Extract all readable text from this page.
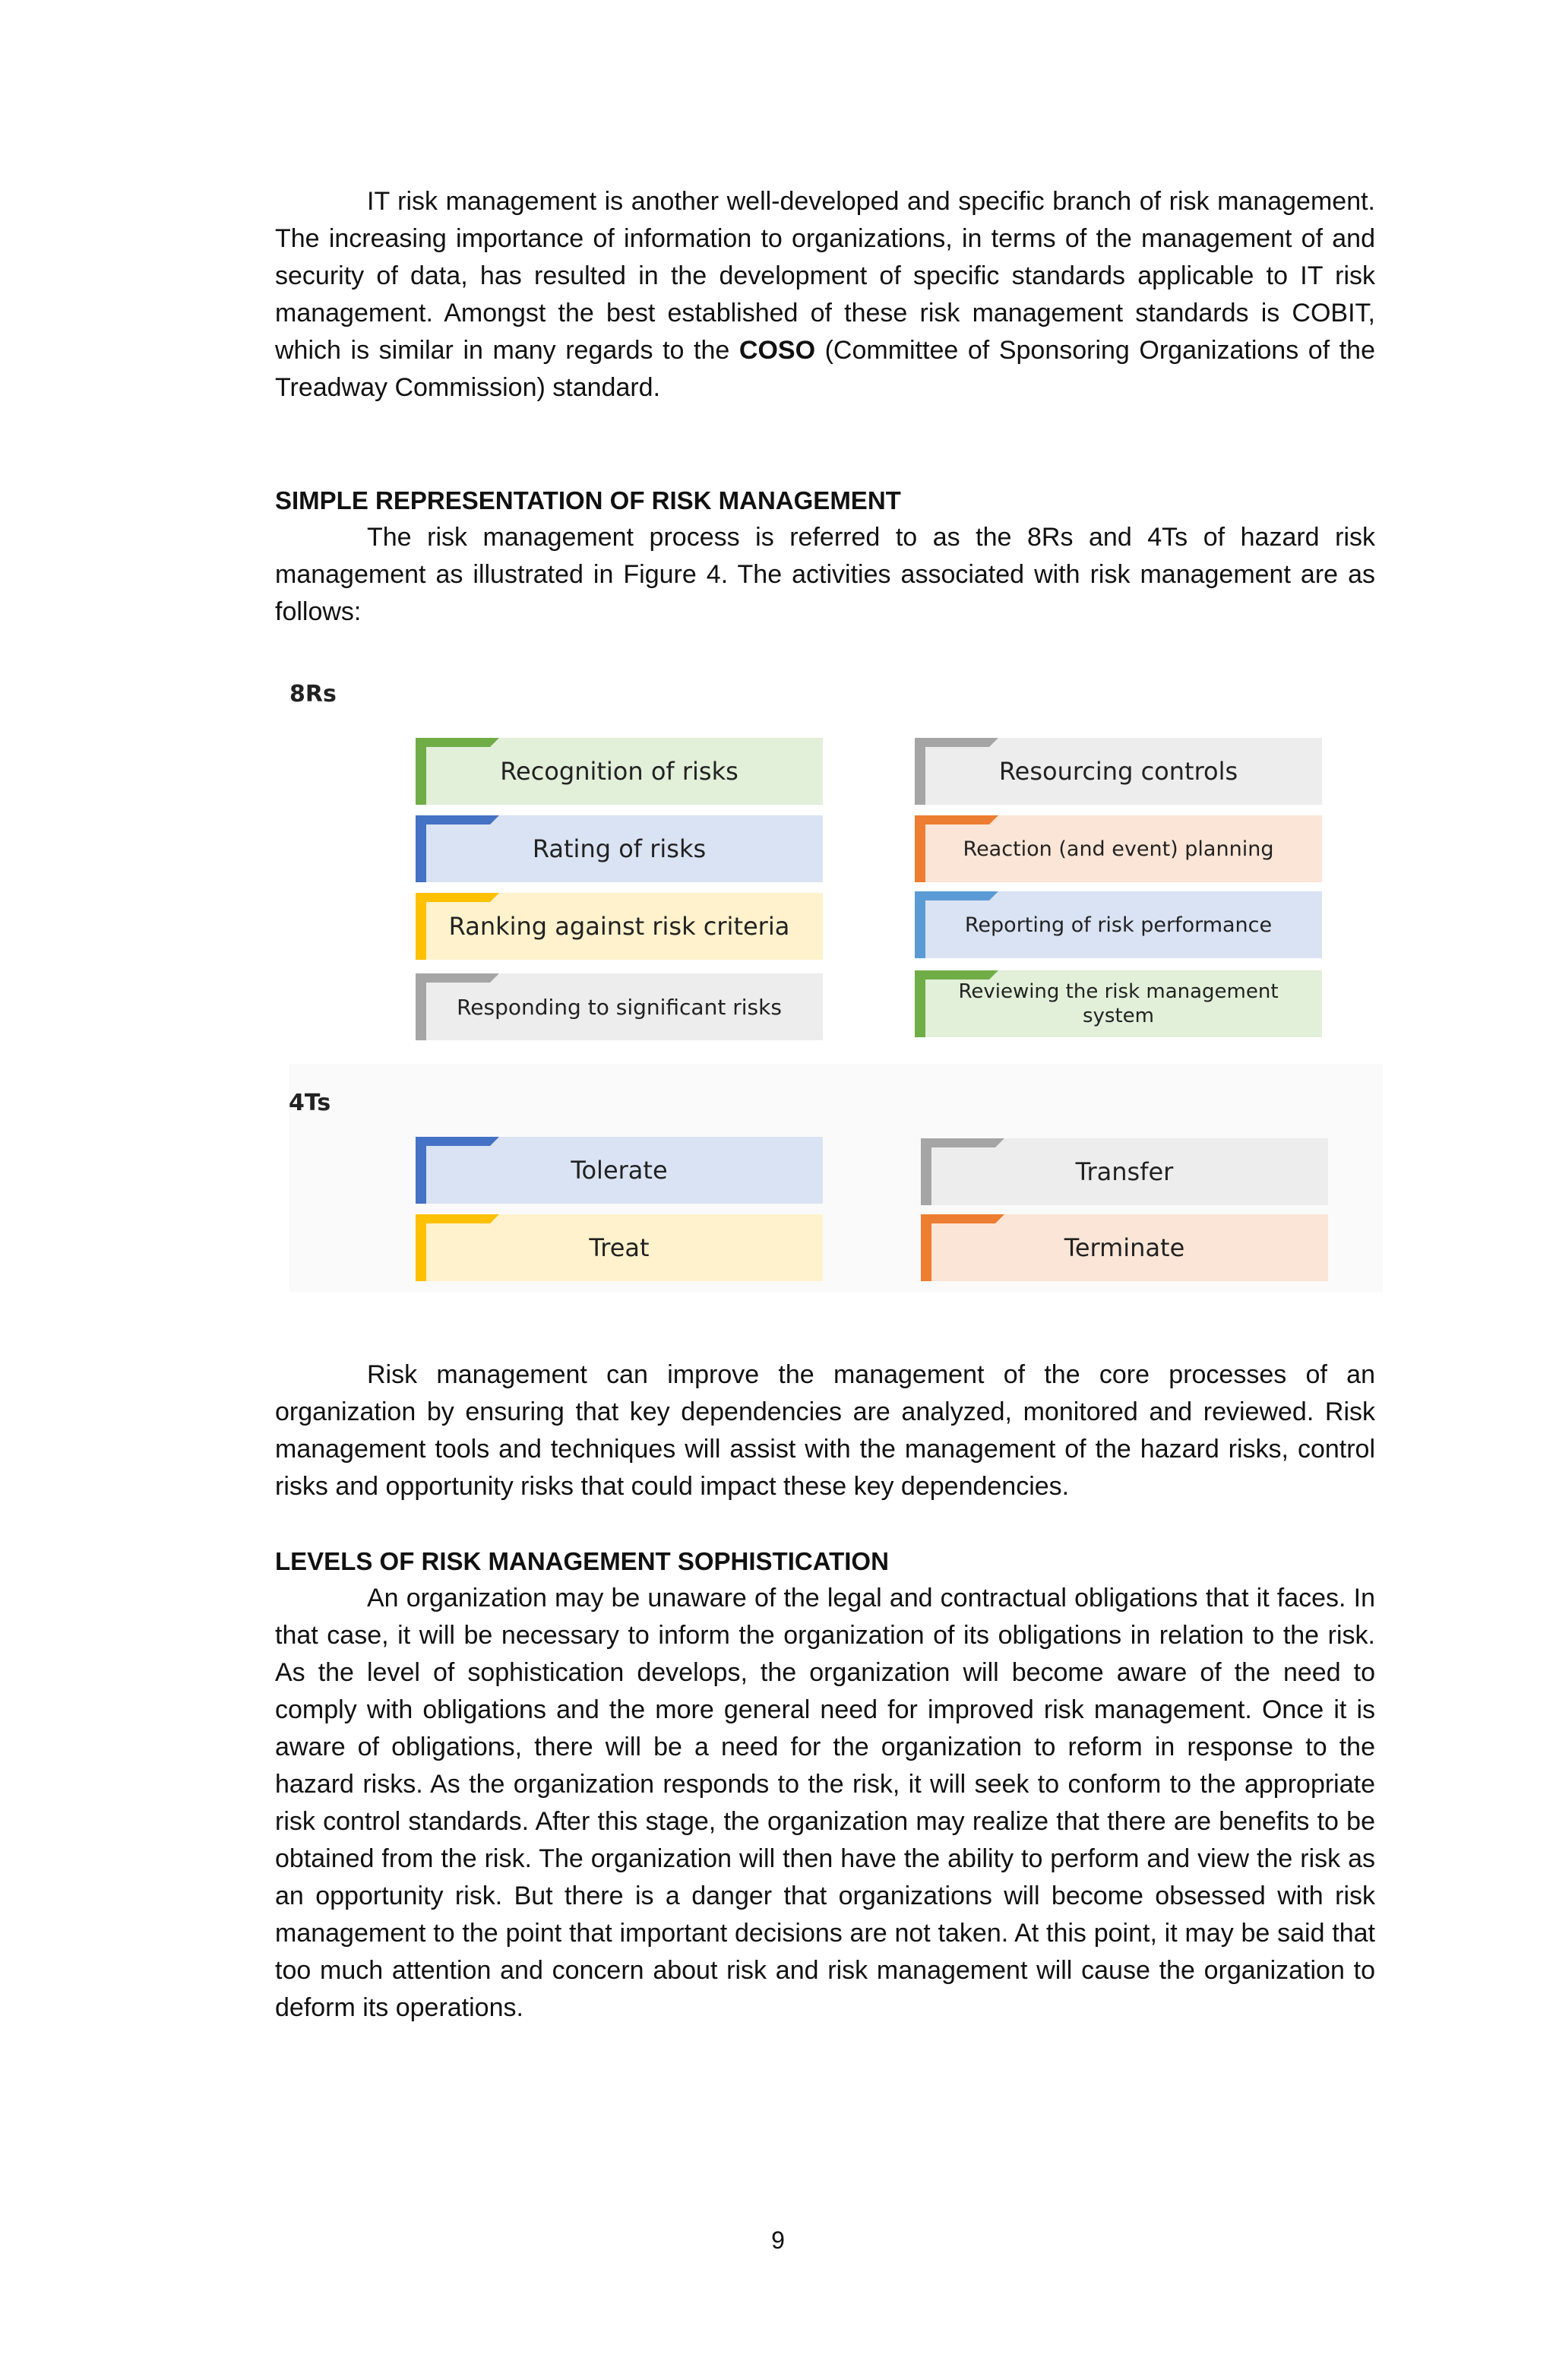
IT risk management is another well-developed and specific branch of risk management. The increasing importance of information to organizations, in terms of the management of and security of data, has resulted in the development of specific standards applicable to IT risk management. Amongst the best established of these risk management standards is COBIT, which is similar in many regards to the COSO (Committee of Sponsoring Organizations of the Treadway Commission) standard.

SIMPLE REPRESENTATION OF RISK MANAGEMENT

The risk management process is referred to as the 8Rs and 4Ts of hazard risk management as illustrated in Figure 4. The activities associated with risk management are as follows:

8Rs
4Ts
Recognition of risks
Rating of risks
Ranking against risk criteria
Responding to significant risks
Resourcing controls
Reaction (and event) planning
Reporting of risk performance
Reviewing the risk management system
Tolerate
Treat
Transfer
Terminate

Risk management can improve the management of the core processes of an organization by ensuring that key dependencies are analyzed, monitored and reviewed. Risk management tools and techniques will assist with the management of the hazard risks, control risks and opportunity risks that could impact these key dependencies.

LEVELS OF RISK MANAGEMENT SOPHISTICATION

An organization may be unaware of the legal and contractual obligations that it faces. In that case, it will be necessary to inform the organization of its obligations in relation to the risk. As the level of sophistication develops, the organization will become aware of the need to comply with obligations and the more general need for improved risk management. Once it is aware of obligations, there will be a need for the organization to reform in response to the hazard risks. As the organization responds to the risk, it will seek to conform to the appropriate risk control standards. After this stage, the organization may realize that there are benefits to be obtained from the risk. The organization will then have the ability to perform and view the risk as an opportunity risk. But there is a danger that organizations will become obsessed with risk management to the point that important decisions are not taken. At this point, it may be said that too much attention and concern about risk and risk management will cause the organization to deform its operations.

9
